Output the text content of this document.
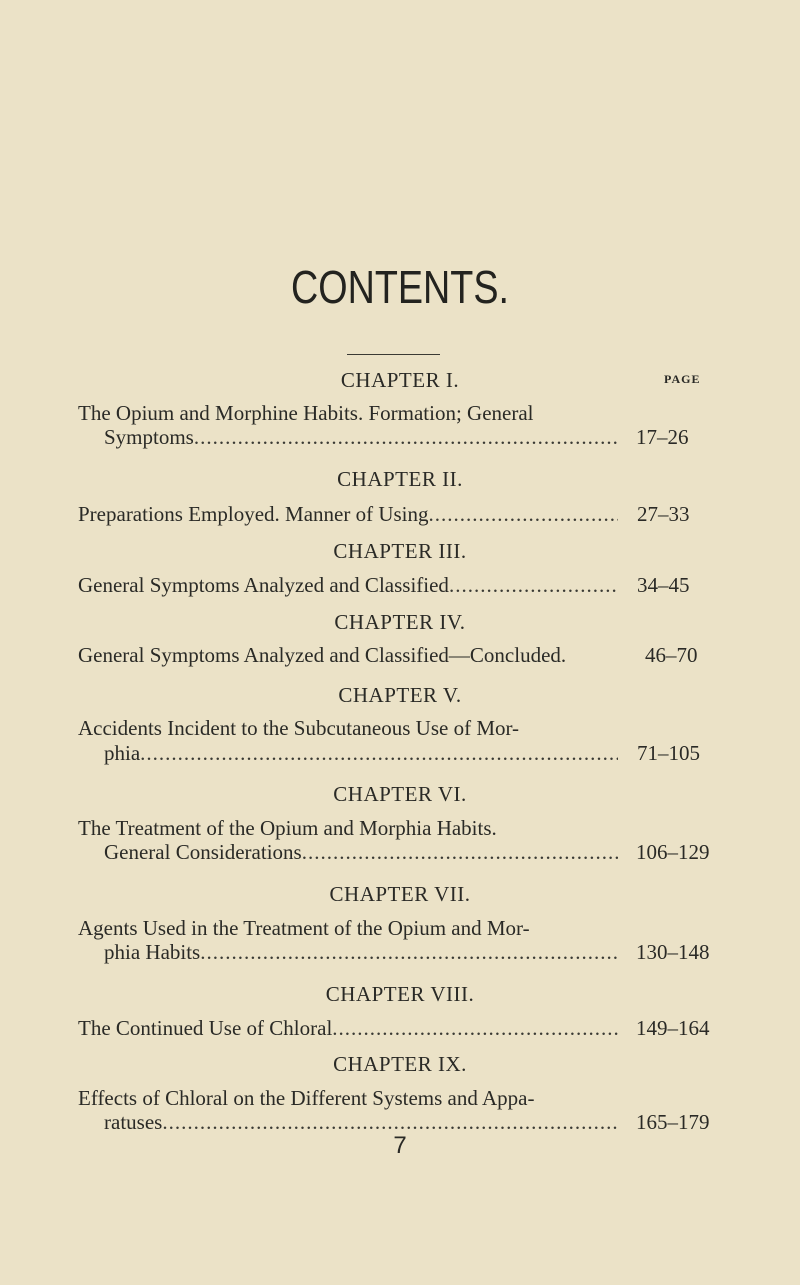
CONTENTS.
PAGE
CHAPTER I.
The Opium and Morphine Habits. Formation; General
Symptoms .....	17–26
CHAPTER II.
Preparations Employed. Manner of Using .....	27–33
CHAPTER III.
General Symptoms Analyzed and Classified .....	34–45
CHAPTER IV.
General Symptoms Analyzed and Classified—Concluded.	46–70
CHAPTER V.
Accidents Incident to the Subcutaneous Use of Mor-
phia .....	71–105
CHAPTER VI.
The Treatment of the Opium and Morphia Habits.
General Considerations .....	106–129
CHAPTER VII.
Agents Used in the Treatment of the Opium and Mor-
phia Habits .....	130–148
CHAPTER VIII.
The Continued Use of Chloral .....	149–164
CHAPTER IX.
Effects of Chloral on the Different Systems and Appa-
ratuses .....	165–179
7
